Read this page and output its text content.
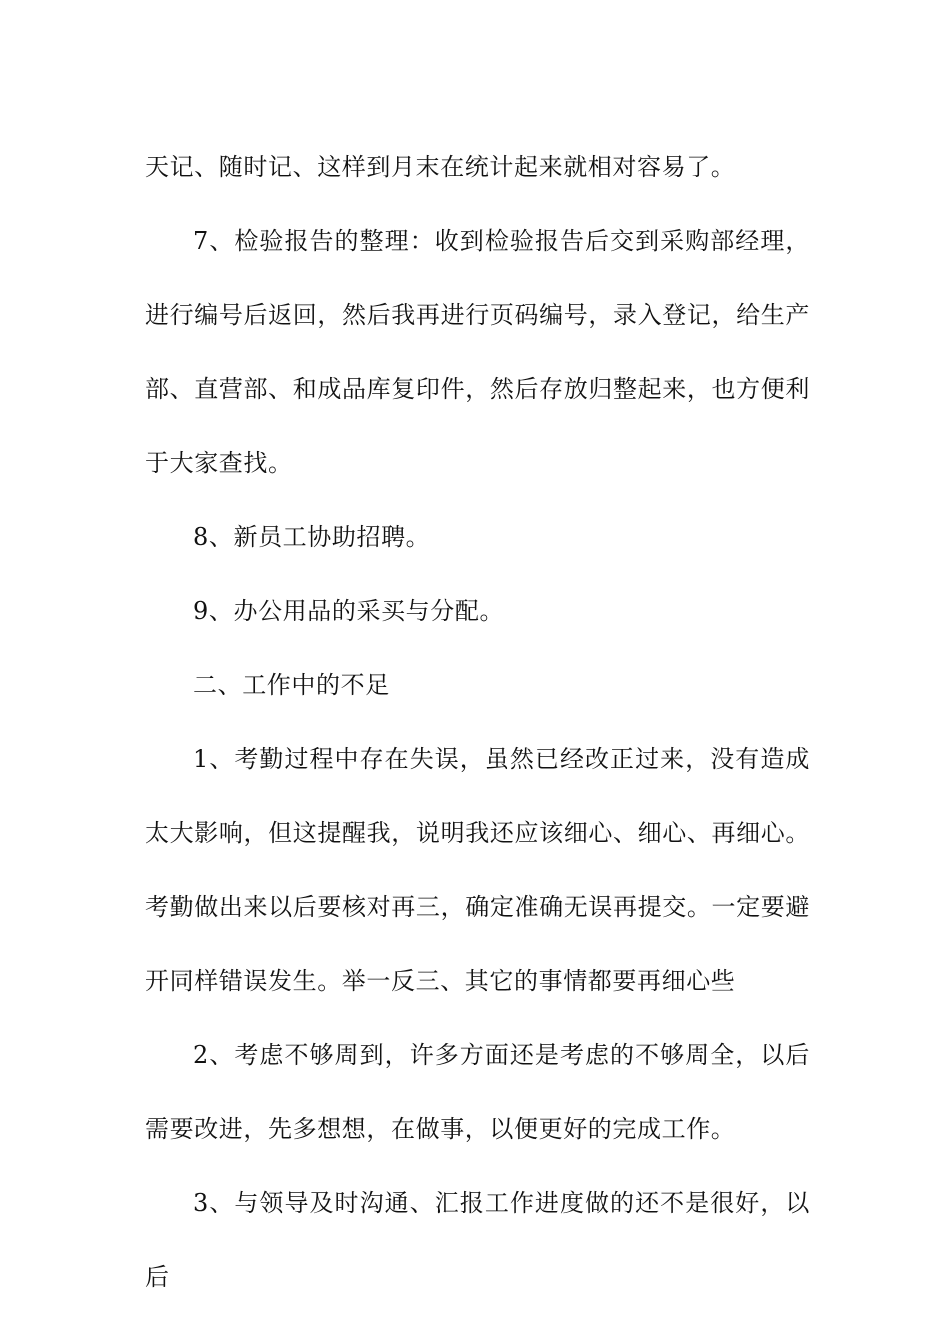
天记、随时记、这样到月末在统计起来就相对容易了。

7、检验报告的整理：收到检验报告后交到采购部经理，进行编号后返回，然后我再进行页码编号，录入登记，给生产部、直营部、和成品库复印件，然后存放归整起来，也方便利于大家查找。

8、新员工协助招聘。

9、办公用品的采买与分配。

二、工作中的不足

1、考勤过程中存在失误，虽然已经改正过来，没有造成太大影响，但这提醒我，说明我还应该细心、细心、再细心。考勤做出来以后要核对再三，确定准确无误再提交。一定要避开同样错误发生。举一反三、其它的事情都要再细心些

2、考虑不够周到，许多方面还是考虑的不够周全，以后需要改进，先多想想，在做事，以便更好的完成工作。

3、与领导及时沟通、汇报工作进度做的还不是很好，以后
